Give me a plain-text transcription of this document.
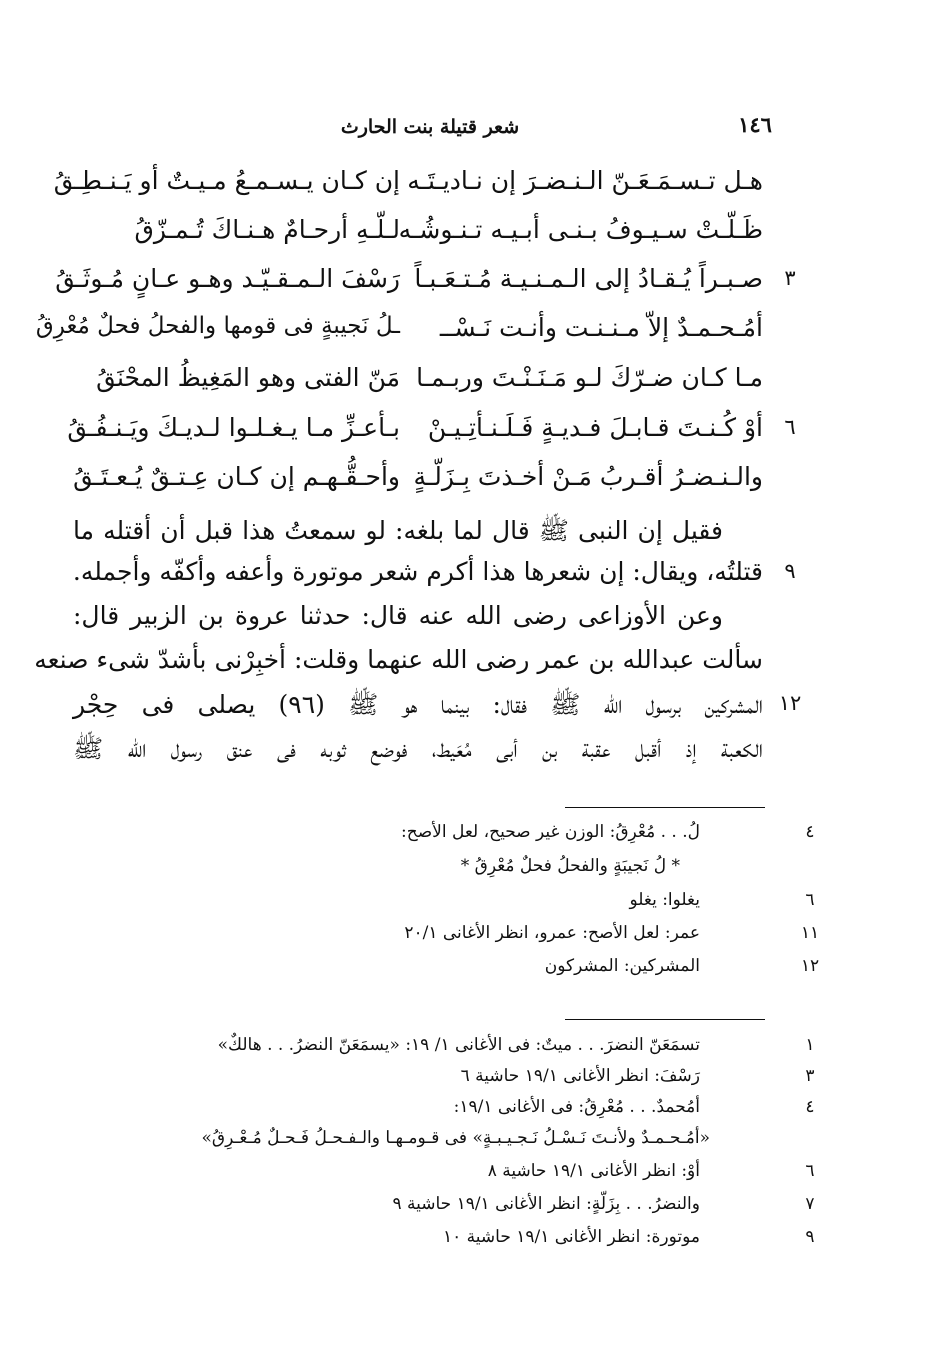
شعر قتيلة بنت الحارث	١٤٦
هـل تـسـمَـعَـنّ الـنـضـرَ إن نـاديـتَـه
إن كـان يـسـمـعُ مـيـتٌ أو يَـنـطِـقُ
ظَـلّـتْ سـيـوفُ بـنـى أبـيـه تـنـوشُـه
لـلّـهِ أرحـامٌ هـنـاكَ تُـمـزّقُ
٣
صـبـراً يُـقـادُ إلى الـمـنـيـة مُـتـعَـبـاً
رَسْفَ الـمـقـيّـد وهـو عـانٍ مُـوثَـقُ
أمُـحـمـدٌ إلاّ مـنـنـت وأنـت نَـسْــ
ـلُ نَجيبةٍ فى قومها والفحلُ فحلٌ مُعْرِقُ
مـا كـان ضـرّكَ لـو مَـنَـنْـتَ وربـمـا
مَنّ الفتى وهو المَغِيظُ المحْنَقُ
٦
أوْ كُـنـتَ قـابـلَ فـديـةٍ فَـلَـنـأتِـيـنْ
بـأعـزِّ مـا يـغـلـوا لـديـكَ ويَـنـفُـقُ
والـنـضـرُ أقـربُ مَـنْ أخـذتَ بِـزَلّـةٍ
وأحـقُّـهـم إن كـان عِـتـقٌ يُـعـتَـقُ
فقيل إن النبى ﷺ قال لما بلغه: لو سمعتُ هذا قبل أن أقتله ما
٩
قتلتُه، ويقال: إن شعرها هذا أكرم شعر موتورة وأعفه وأكفّه وأجمله.
وعن الأوزاعى رضى الله عنه قال: حدثنا عروة بن الزبير قال:
سألت عبدالله بن عمر رضى الله عنهما وقلت: أخبِرْنى بأشدّ شىء صنعه
١٢
المشركين برسول الله ﷺ فقال: بينما هو ﷺ (٩٦) يصلى فى حِجْر
الكعبة إذ أقبل عقبة بن أبى مُعَيط، فوضع ثوبه فى عنق رسول الله ﷺ
٤
لُ. . . مُعْرِقُ: الوزن غير صحيح، لعل الأصح:
* لُ نَجيبَةٍ والفحلُ فحلٌ مُعْرِقُ *
٦
يغلوا: يغلو
١١
عمر: لعل الأصح: عمرو، انظر الأغانى ٢٠/١
١٢
المشركين: المشركون
١
تسمَعَنّ النضرَ. . . ميتٌ: فى الأغانى ١/ ١٩: «يسمَعَنّ النضرُ. . . هالكٌ»
٣
رَسْفَ: انظر الأغانى ١٩/١ حاشية ٦
٤
أمُحمدٌ. . . مُعْرِقُ: فى الأغانى ١٩/١:
«أمُـحـمـدٌ ولأنـتَ نَـسْـلُ نَـجـيـبـةٍ» فى قـومـهـا والـفـحـلُ فَـحـلٌ مُـعْـرِقُ»
٦
أوْ: انظر الأغانى ١٩/١ حاشية ٨
٧
والنضرُ. . . بِزَلّةٍ: انظر الأغانى ١٩/١ حاشية ٩
٩
موتورة: انظر الأغانى ١٩/١ حاشية ١٠
